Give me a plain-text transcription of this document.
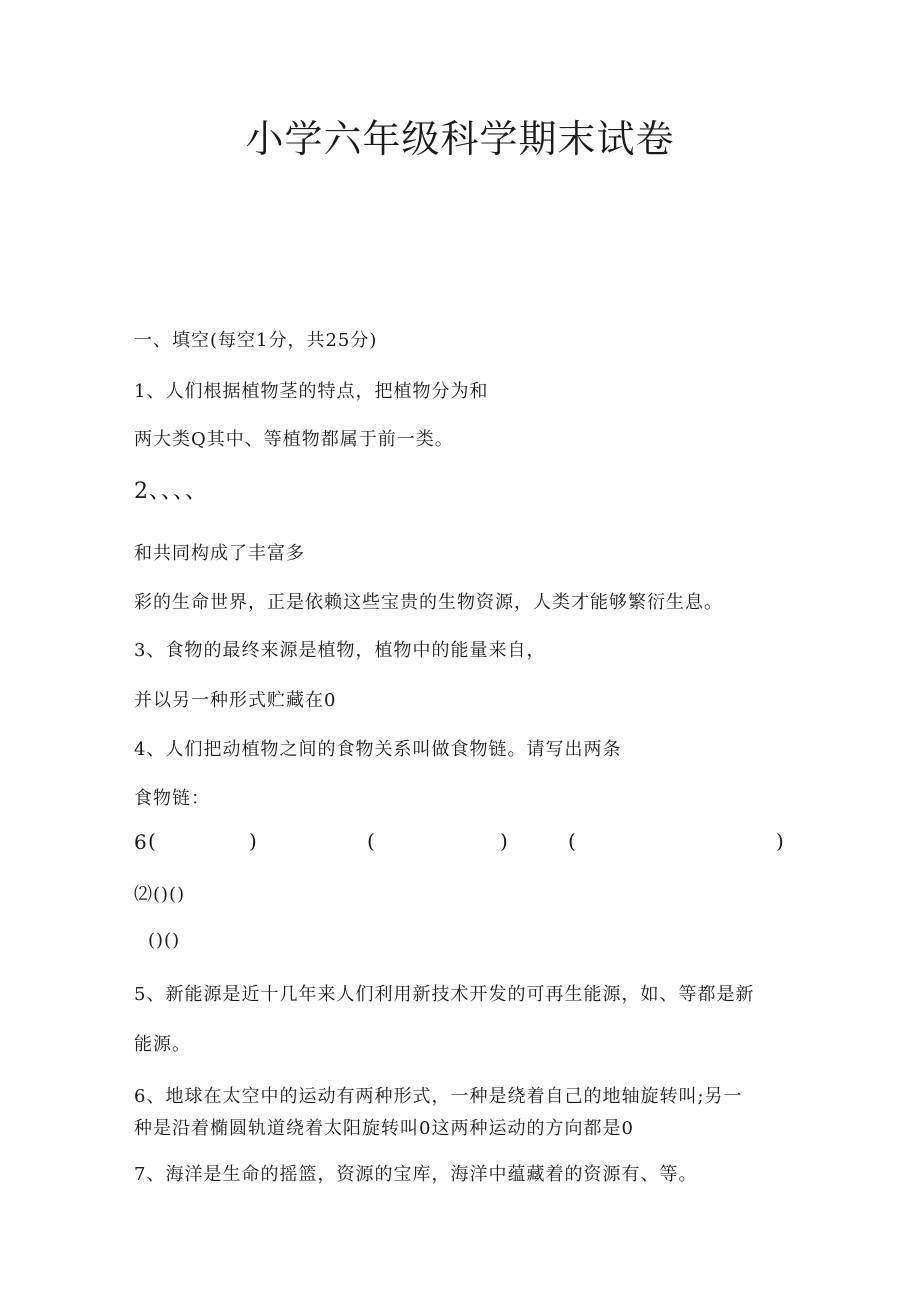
小学六年级科学期末试卷
一、填空(每空1分，共25分)
1、人们根据植物茎的特点，把植物分为和
两大类Q其中、等植物都属于前一类。
2、、、、
和共同构成了丰富多
彩的生命世界，正是依赖这些宝贵的生物资源，人类才能够繁衍生息。
3、食物的最终来源是植物，植物中的能量来自，
并以另一种形式贮藏在0
4、人们把动植物之间的食物关系叫做食物链。请写出两条
食物链：
6 (	)	(	)	(	)
⑵()()
()()
5、新能源是近十几年来人们利用新技术开发的可再生能源，如、等都是新
能源。
6、地球在太空中的运动有两种形式，一种是绕着自己的地轴旋转叫;另一
种是沿着椭圆轨道绕着太阳旋转叫0这两种运动的方向都是0
7、海洋是生命的摇篮，资源的宝库，海洋中蕴藏着的资源有、等。
